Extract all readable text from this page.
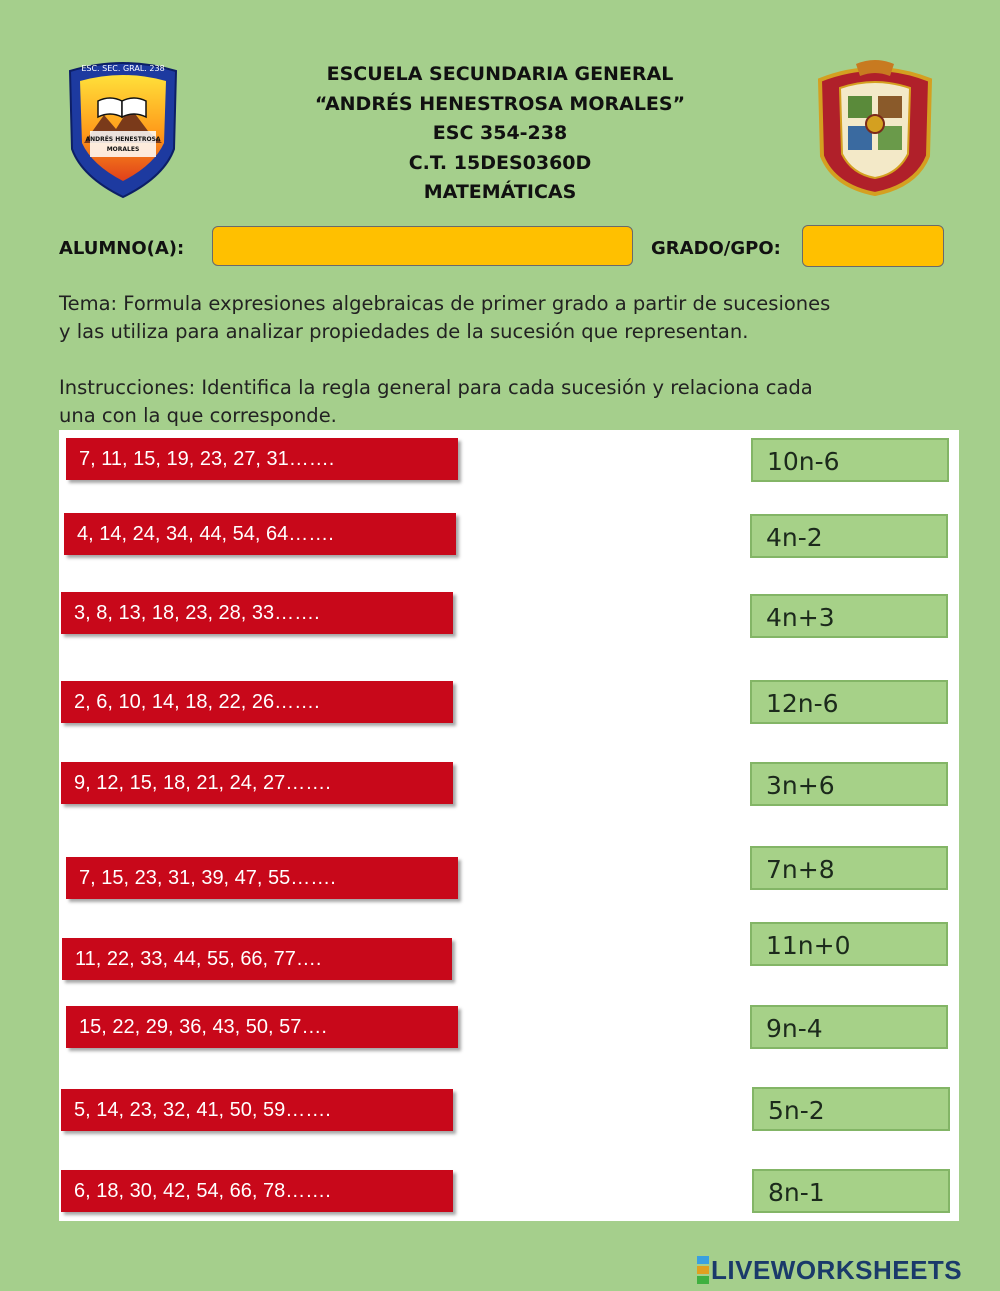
ANDRÉS HENESTROSA
MORALES
ESC. SEC. GRAL. 238	ESCUELA SECUNDARIA GENERAL
“ANDRÉS HENESTROSA MORALES”
ESC 354-238
C.T. 15DES0360D
MATEMÁTICAS
ALUMNO(A):	GRADO/GPO:
Tema: Formula expresiones algebraicas de primer grado a partir de sucesiones
y las utiliza para analizar propiedades de la sucesión que representan.
Instrucciones: Identifica la regla general para cada sucesión y relaciona cada
una con la que corresponde.
7, 11, 15, 19, 23, 27, 31…….
4, 14, 24, 34, 44, 54, 64…….
3, 8, 13, 18, 23, 28, 33…….
2, 6, 10, 14, 18, 22, 26…….
9, 12, 15, 18, 21, 24, 27…….
7, 15, 23, 31, 39, 47, 55…….
11, 22, 33, 44, 55, 66, 77….
15, 22, 29, 36, 43, 50, 57….
5, 14, 23, 32, 41, 50, 59…….
6, 18, 30, 42, 54, 66, 78…….
10n-6
4n-2
4n+3
12n-6
3n+6
7n+8
11n+0
9n-4
5n-2
8n-1
LIVEWORKSHEETS
